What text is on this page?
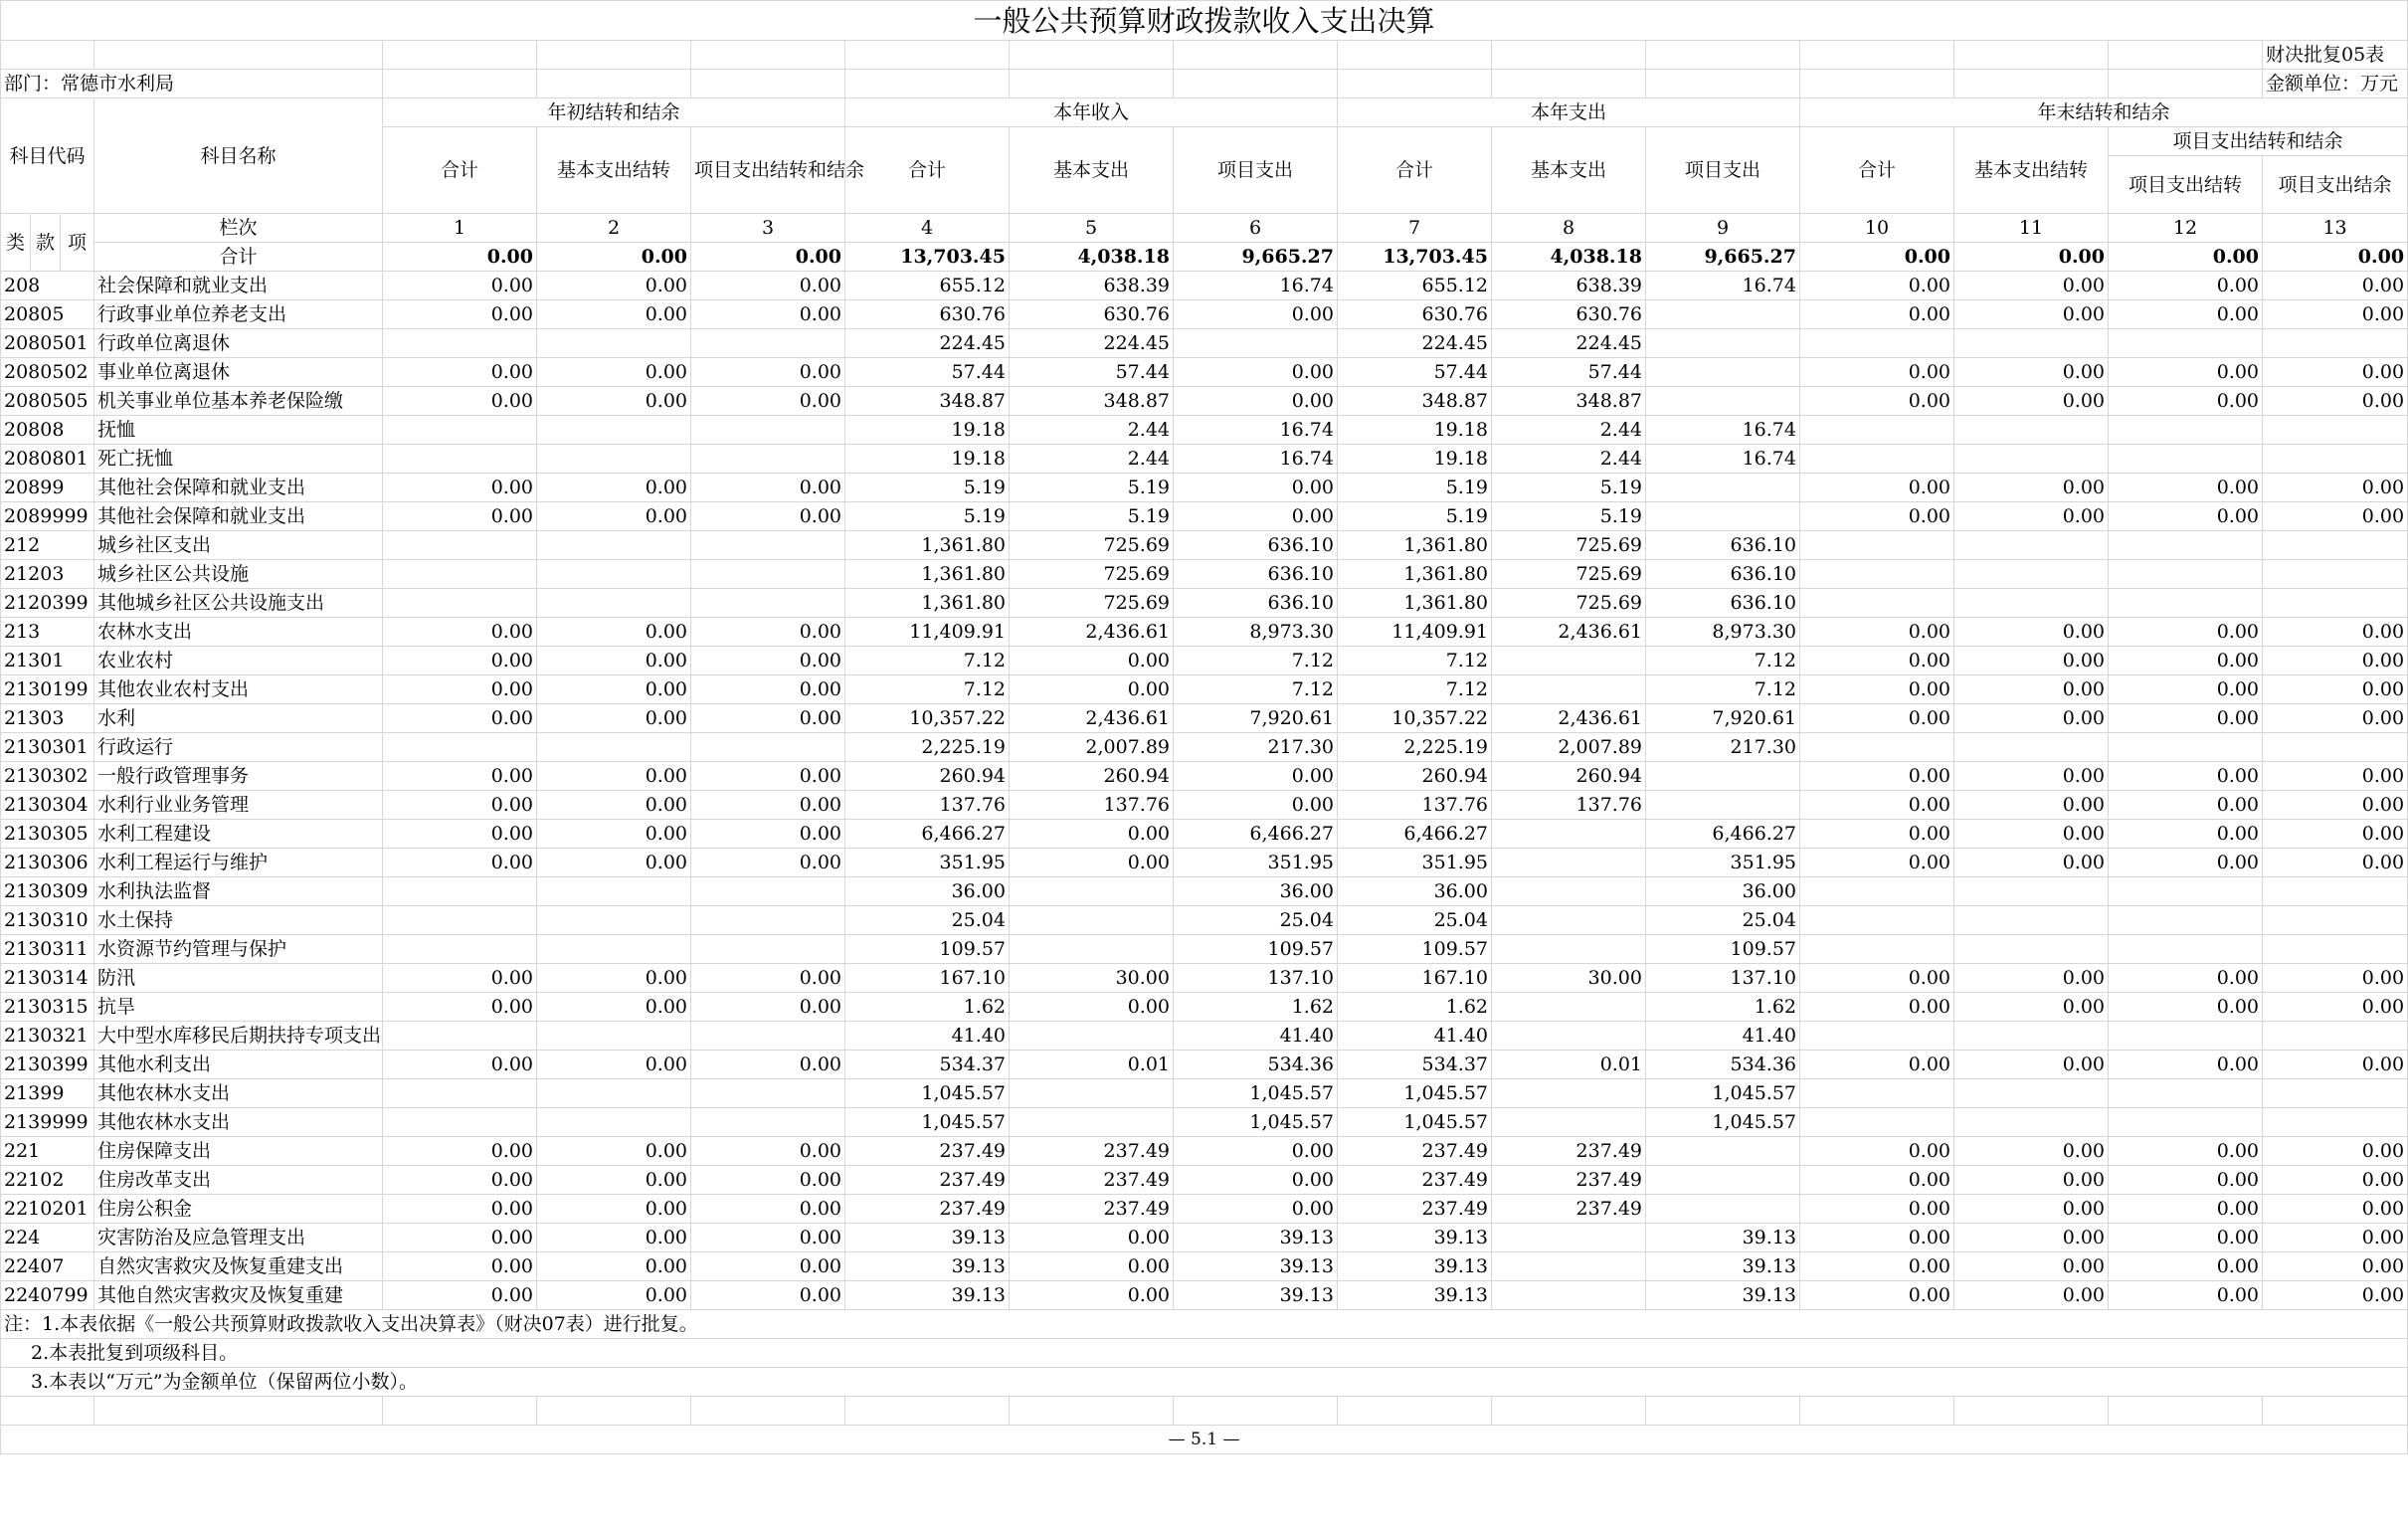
一般公共预算财政拨款收入支出决算																
																财决批复05表
部门：常德市水利局																金额单位：万元
科目代码			科目名称	年初结转和结余			本年收入			本年支出			年末结转和结余			
				合计	基本支出结转	项目支出结转和结余	合计	基本支出	项目支出	合计	基本支出	项目支出	合计	基本支出结转	项目支出结转和结余	
															项目支出结转	项目支出结余
类	款	项	栏次	1	2	3	4	5	6	7	8	9	10	11	12	13
			合计	0.00	0.00	0.00	13,703.45	4,038.18	9,665.27	13,703.45	4,038.18	9,665.27	0.00	0.00	0.00	0.00
208			社会保障和就业支出	0.00	0.00	0.00	655.12	638.39	16.74	655.12	638.39	16.74	0.00	0.00	0.00	0.00
20805			行政事业单位养老支出	0.00	0.00	0.00	630.76	630.76	0.00	630.76	630.76		0.00	0.00	0.00	0.00
2080501			行政单位离退休				224.45	224.45		224.45	224.45					
2080502			事业单位离退休	0.00	0.00	0.00	57.44	57.44	0.00	57.44	57.44		0.00	0.00	0.00	0.00
2080505			机关事业单位基本养老保险缴	0.00	0.00	0.00	348.87	348.87	0.00	348.87	348.87		0.00	0.00	0.00	0.00
20808			抚恤				19.18	2.44	16.74	19.18	2.44	16.74				
2080801			死亡抚恤				19.18	2.44	16.74	19.18	2.44	16.74				
20899			其他社会保障和就业支出	0.00	0.00	0.00	5.19	5.19	0.00	5.19	5.19		0.00	0.00	0.00	0.00
2089999			其他社会保障和就业支出	0.00	0.00	0.00	5.19	5.19	0.00	5.19	5.19		0.00	0.00	0.00	0.00
212			城乡社区支出				1,361.80	725.69	636.10	1,361.80	725.69	636.10				
21203			城乡社区公共设施				1,361.80	725.69	636.10	1,361.80	725.69	636.10				
2120399			其他城乡社区公共设施支出				1,361.80	725.69	636.10	1,361.80	725.69	636.10				
213			农林水支出	0.00	0.00	0.00	11,409.91	2,436.61	8,973.30	11,409.91	2,436.61	8,973.30	0.00	0.00	0.00	0.00
21301			农业农村	0.00	0.00	0.00	7.12	0.00	7.12	7.12		7.12	0.00	0.00	0.00	0.00
2130199			其他农业农村支出	0.00	0.00	0.00	7.12	0.00	7.12	7.12		7.12	0.00	0.00	0.00	0.00
21303			水利	0.00	0.00	0.00	10,357.22	2,436.61	7,920.61	10,357.22	2,436.61	7,920.61	0.00	0.00	0.00	0.00
2130301			行政运行				2,225.19	2,007.89	217.30	2,225.19	2,007.89	217.30				
2130302			一般行政管理事务	0.00	0.00	0.00	260.94	260.94	0.00	260.94	260.94		0.00	0.00	0.00	0.00
2130304			水利行业业务管理	0.00	0.00	0.00	137.76	137.76	0.00	137.76	137.76		0.00	0.00	0.00	0.00
2130305			水利工程建设	0.00	0.00	0.00	6,466.27	0.00	6,466.27	6,466.27		6,466.27	0.00	0.00	0.00	0.00
2130306			水利工程运行与维护	0.00	0.00	0.00	351.95	0.00	351.95	351.95		351.95	0.00	0.00	0.00	0.00
2130309			水利执法监督				36.00		36.00	36.00		36.00				
2130310			水土保持				25.04		25.04	25.04		25.04				
2130311			水资源节约管理与保护				109.57		109.57	109.57		109.57				
2130314			防汛	0.00	0.00	0.00	167.10	30.00	137.10	167.10	30.00	137.10	0.00	0.00	0.00	0.00
2130315			抗旱	0.00	0.00	0.00	1.62	0.00	1.62	1.62		1.62	0.00	0.00	0.00	0.00
2130321			大中型水库移民后期扶持专项支出				41.40		41.40	41.40		41.40				
2130399			其他水利支出	0.00	0.00	0.00	534.37	0.01	534.36	534.37	0.01	534.36	0.00	0.00	0.00	0.00
21399			其他农林水支出				1,045.57		1,045.57	1,045.57		1,045.57				
2139999			其他农林水支出				1,045.57		1,045.57	1,045.57		1,045.57				
221			住房保障支出	0.00	0.00	0.00	237.49	237.49	0.00	237.49	237.49		0.00	0.00	0.00	0.00
22102			住房改革支出	0.00	0.00	0.00	237.49	237.49	0.00	237.49	237.49		0.00	0.00	0.00	0.00
2210201			住房公积金	0.00	0.00	0.00	237.49	237.49	0.00	237.49	237.49		0.00	0.00	0.00	0.00
224			灾害防治及应急管理支出	0.00	0.00	0.00	39.13	0.00	39.13	39.13		39.13	0.00	0.00	0.00	0.00
22407			自然灾害救灾及恢复重建支出	0.00	0.00	0.00	39.13	0.00	39.13	39.13		39.13	0.00	0.00	0.00	0.00
2240799			其他自然灾害救灾及恢复重建	0.00	0.00	0.00	39.13	0.00	39.13	39.13		39.13	0.00	0.00	0.00	0.00
注：1.本表依据《一般公共预算财政拨款收入支出决算表》（财决07表）进行批复。																
2.本表批复到项级科目。																
3.本表以“万元”为金额单位（保留两位小数）。																

— 5.1 —																
